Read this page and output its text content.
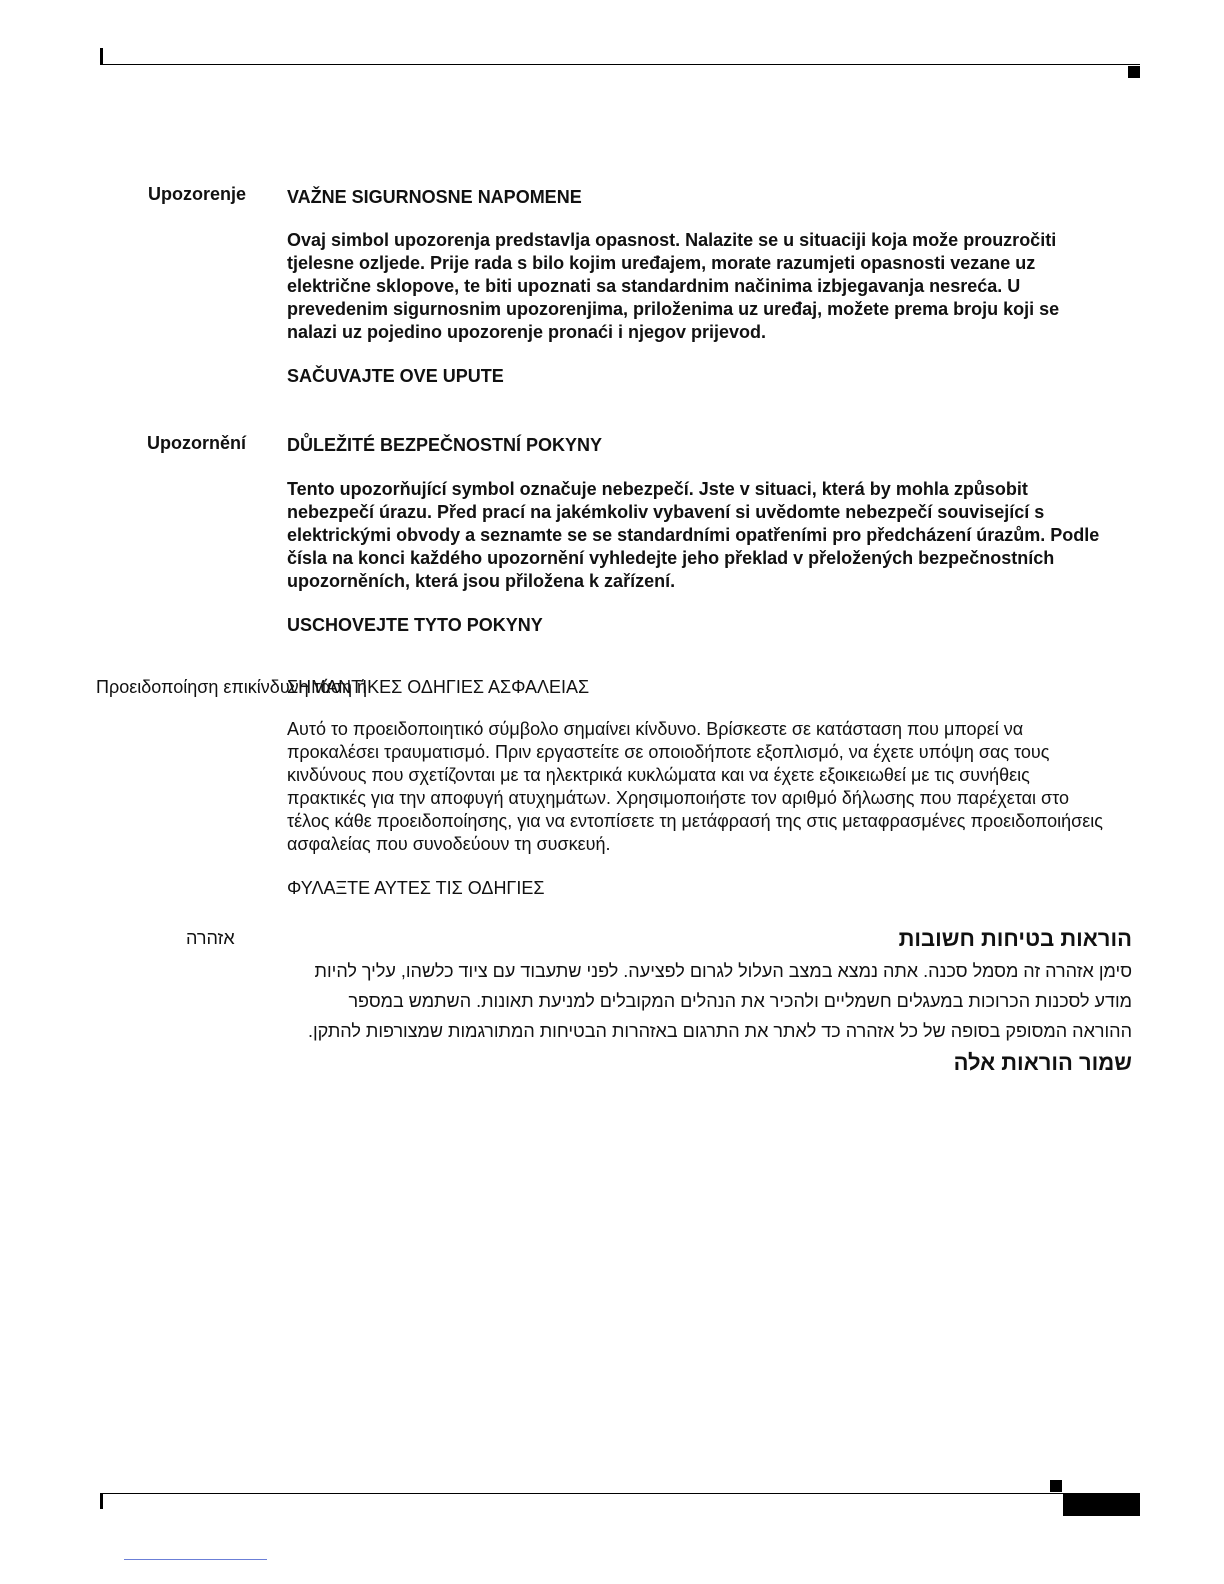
Upozorenje VAŽNE SIGURNOSNE NAPOMENE

Ovaj simbol upozorenja predstavlja opasnost. Nalazite se u situaciji koja može prouzročiti tjelesne ozljede. Prije rada s bilo kojim uređajem, morate razumjeti opasnosti vezane uz električne sklopove, te biti upoznati sa standardnim načinima izbjegavanja nesreća. U prevedenim sigurnosnim upozorenjima, priloženima uz uređaj, možete prema broju koji se nalazi uz pojedino upozorenje pronaći i njegov prijevod.

SAČUVAJTE OVE UPUTE
Upozornění DŮLEŽITÉ BEZPEČNOSTNÍ POKYNY

Tento upozorňující symbol označuje nebezpečí. Jste v situaci, která by mohla způsobit nebezpečí úrazu. Před prací na jakémkoliv vybavení si uvědomte nebezpečí související s elektrickými obvody a seznamte se se standardními opatřeními pro předcházení úrazům. Podle čísla na konci každého upozornění vyhledejte jeho překlad v přeložených bezpečnostních upozorněních, která jsou přiložena k zařízení.

USCHOVEJTE TYTO POKYNY
Προειδοποίηση επικίνδυνη τάση ή
ΣΗΜΑΝΤΙΚΕΣ ΟΔΗΓΙΕΣ ΑΣΦΑΛΕΙΑΣ

Αυτό το προειδοποιητικό σύμβολο σημαίνει κίνδυνο. Βρίσκεστε σε κατάσταση που μπορεί να προκαλέσει τραυματισμό. Πριν εργαστείτε σε οποιοδήποτε εξοπλισμό, να έχετε υπόψη σας τους κινδύνους που σχετίζονται με τα ηλεκτρικά κυκλώματα και να έχετε εξοικειωθεί με τις συνήθεις πρακτικές για την αποφυγή ατυχημάτων. Χρησιμοποιήστε τον αριθμό δήλωσης που παρέχεται στο τέλος κάθε προειδοποίησης, για να εντοπίσετε τη μετάφρασή της στις μεταφρασμένες προειδοποιήσεις ασφαλείας που συνοδεύουν τη συσκευή.

ΦΥΛΑΞΤΕ ΑΥΤΕΣ ΤΙΣ ΟΔΗΓΙΕΣ
אזהרה	הוראות בטיחות חשובות

סימן אזהרה זה מסמל סכנה. אתה נמצא במצב העלול לגרום לפציעה. לפני שתעבוד עם ציוד כלשהו, עליך להיות מודע לסכנות הכרוכות במעגלים חשמליים ולהכיר את הנהלים המקובלים למניעת תאונות. השתמש במספר ההוראה המסופק בסופה של כל אזהרה כד לאתר את התרגום באזהרות הבטיחות המתורגמות שמצורפות להתקן.

שמור הוראות אלה
